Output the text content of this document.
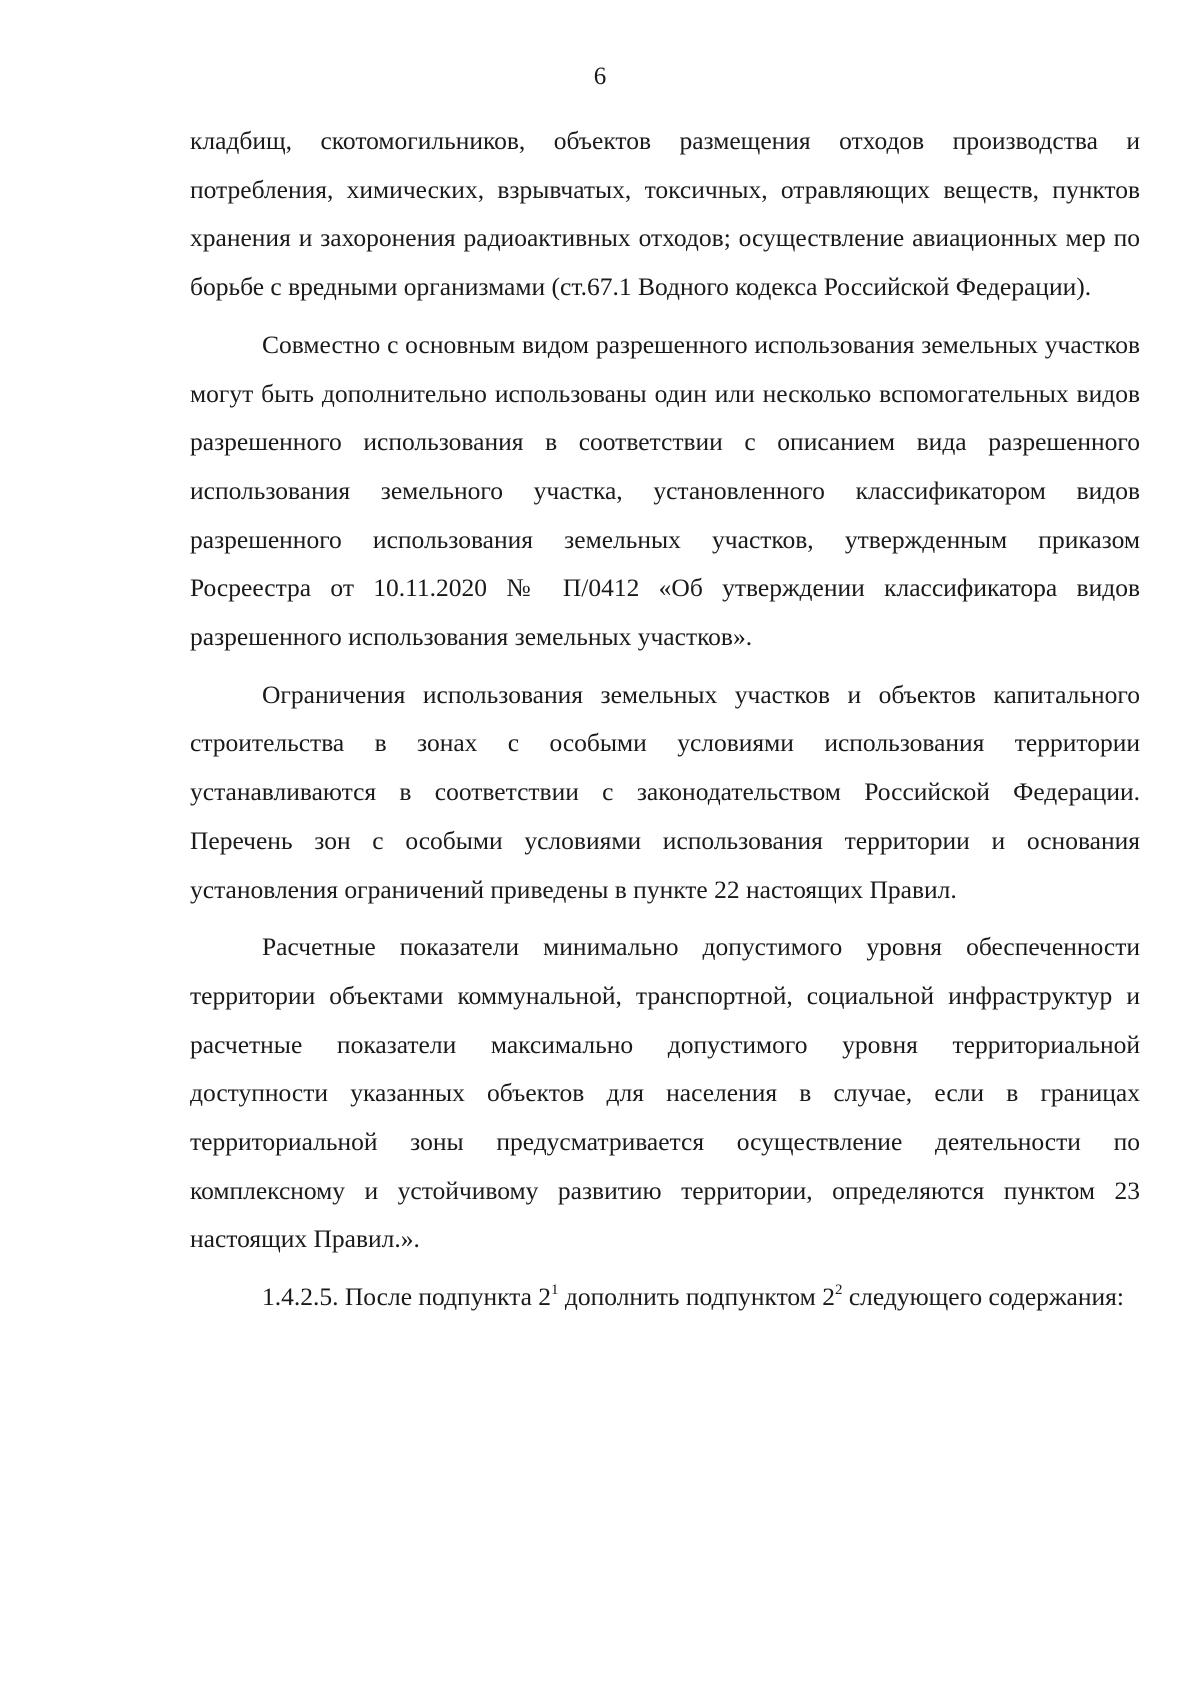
6

кладбищ, скотомогильников, объектов размещения отходов производства и потребления, химических, взрывчатых, токсичных, отравляющих веществ, пунктов хранения и захоронения радиоактивных отходов; осуществление авиационных мер по борьбе с вредными организмами (ст.67.1 Водного кодекса Российской Федерации).

Совместно с основным видом разрешенного использования земельных участков могут быть дополнительно использованы один или несколько вспомогательных видов разрешенного использования в соответствии с описанием вида разрешенного использования земельного участка, установленного классификатором видов разрешенного использования земельных участков, утвержденным приказом Росреестра от 10.11.2020 № П/0412 «Об утверждении классификатора видов разрешенного использования земельных участков».

Ограничения использования земельных участков и объектов капитального строительства в зонах с особыми условиями использования территории устанавливаются в соответствии с законодательством Российской Федерации. Перечень зон с особыми условиями использования территории и основания установления ограничений приведены в пункте 22 настоящих Правил.

Расчетные показатели минимально допустимого уровня обеспеченности территории объектами коммунальной, транспортной, социальной инфраструктур и расчетные показатели максимально допустимого уровня территориальной доступности указанных объектов для населения в случае, если в границах территориальной зоны предусматривается осуществление деятельности по комплексному и устойчивому развитию территории, определяются пунктом 23 настоящих Правил.».

1.4.2.5. После подпункта $2^1$ дополнить подпунктом $2^2$ следующего содержания:
